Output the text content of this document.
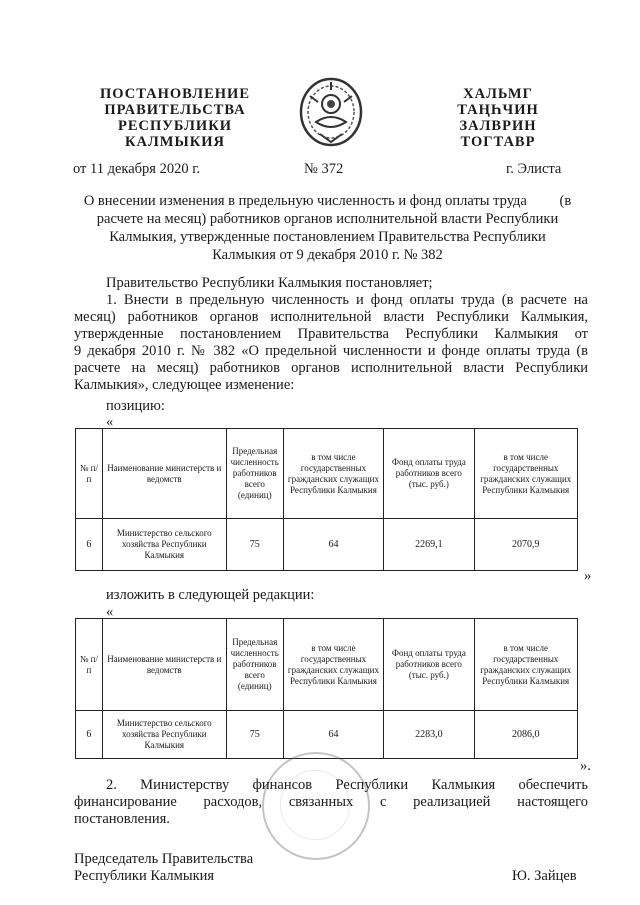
ПОСТАНОВЛЕНИЕ
ПРАВИТЕЛЬСТВА
РЕСПУБЛИКИ
КАЛМЫКИЯ
ХАЛЬМГ
ТАҢҺЧИН
ЗАЛВРИН
ТОГТАВР
от 11 декабря 2020 г.	№ 372	г. Элиста
О внесении изменения в предельную численность и фонд оплаты труда         (в
расчете на месяц) работников органов исполнительной власти Республики
Калмыкия, утвержденные постановлением Правительства Республики
Калмыкия от 9 декабря 2010 г. № 382
Правительство Республики Калмыкия постановляет;
1. Внести в предельную численность и фонд оплаты труда (в расчете на
месяц) работников органов исполнительной власти Республики Калмыкия,
утвержденные постановлением Правительства Республики Калмыкия от
9 декабря 2010 г. № 382 «О предельной численности и фонде оплаты труда (в
расчете на месяц) работников органов исполнительной власти Республики
Калмыкия», следующее изменение:
позицию:
«
№ п/п	Наименование министерств и ведомств	Предельная численность работников всего (единиц)	в том числе государственных гражданских служащих Республики Калмыкия	Фонд оплаты труда работников всего (тыс. руб.)	в том числе государственных гражданских служащих Республики Калмыкия
6	Министерство сельского хозяйства Республики Калмыкия	75	64	2269,1	2070,9
»
изложить в следующей редакции:
«
№ п/п	Наименование министерств и ведомств	Предельная численность работников всего (единиц)	в том числе государственных гражданских служащих Республики Калмыкия	Фонд оплаты труда работников всего (тыс. руб.)	в том числе государственных гражданских служащих Республики Калмыкия
6	Министерство сельского хозяйства Республики Калмыкия	75	64	2283,0	2086,0
».
2. Министерству финансов Республики Калмыкия обеспечить
финансирование расходов, связанных с реализацией настоящего
постановления.
Председатель Правительства
Республики Калмыкия	Ю. Зайцев
